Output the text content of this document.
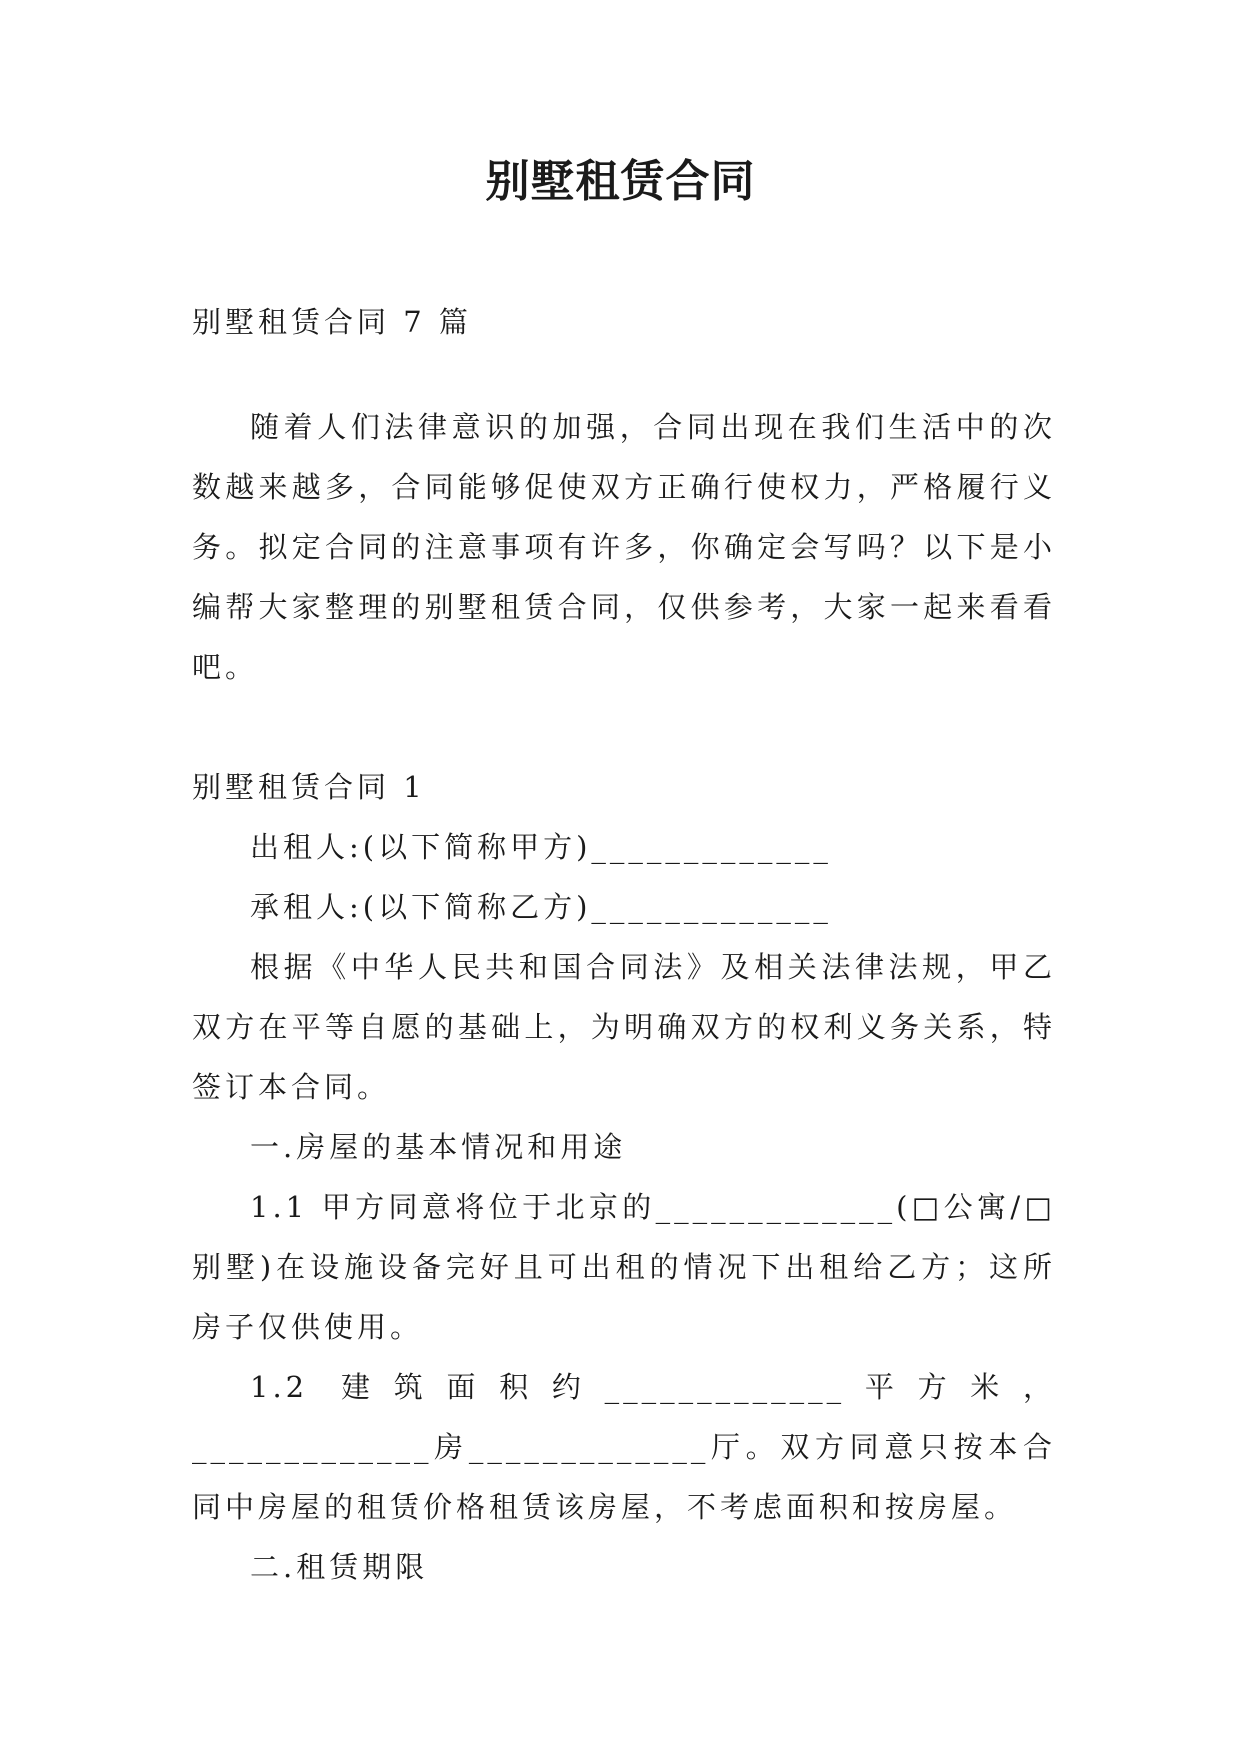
别墅租赁合同

别墅租赁合同 7 篇

随着人们法律意识的加强，合同出现在我们生活中的次数越来越多，合同能够促使双方正确行使权力，严格履行义务。拟定合同的注意事项有许多，你确定会写吗？以下是小编帮大家整理的别墅租赁合同，仅供参考，大家一起来看看吧。

别墅租赁合同 1

出租人:(以下简称甲方)_____________

承租人:(以下简称乙方)_____________

根据《中华人民共和国合同法》及相关法律法规，甲乙双方在平等自愿的基础上，为明确双方的权利义务关系，特签订本合同。

一.房屋的基本情况和用途

1.1 甲方同意将位于北京的_____________(□公寓/□别墅)在设施设备完好且可出租的情况下出租给乙方；这所房子仅供使用。

1.2 建筑面积约_____________平方米，_____________房_____________厅。双方同意只按本合同中房屋的租赁价格租赁该房屋，不考虑面积和按房屋。

二.租赁期限
